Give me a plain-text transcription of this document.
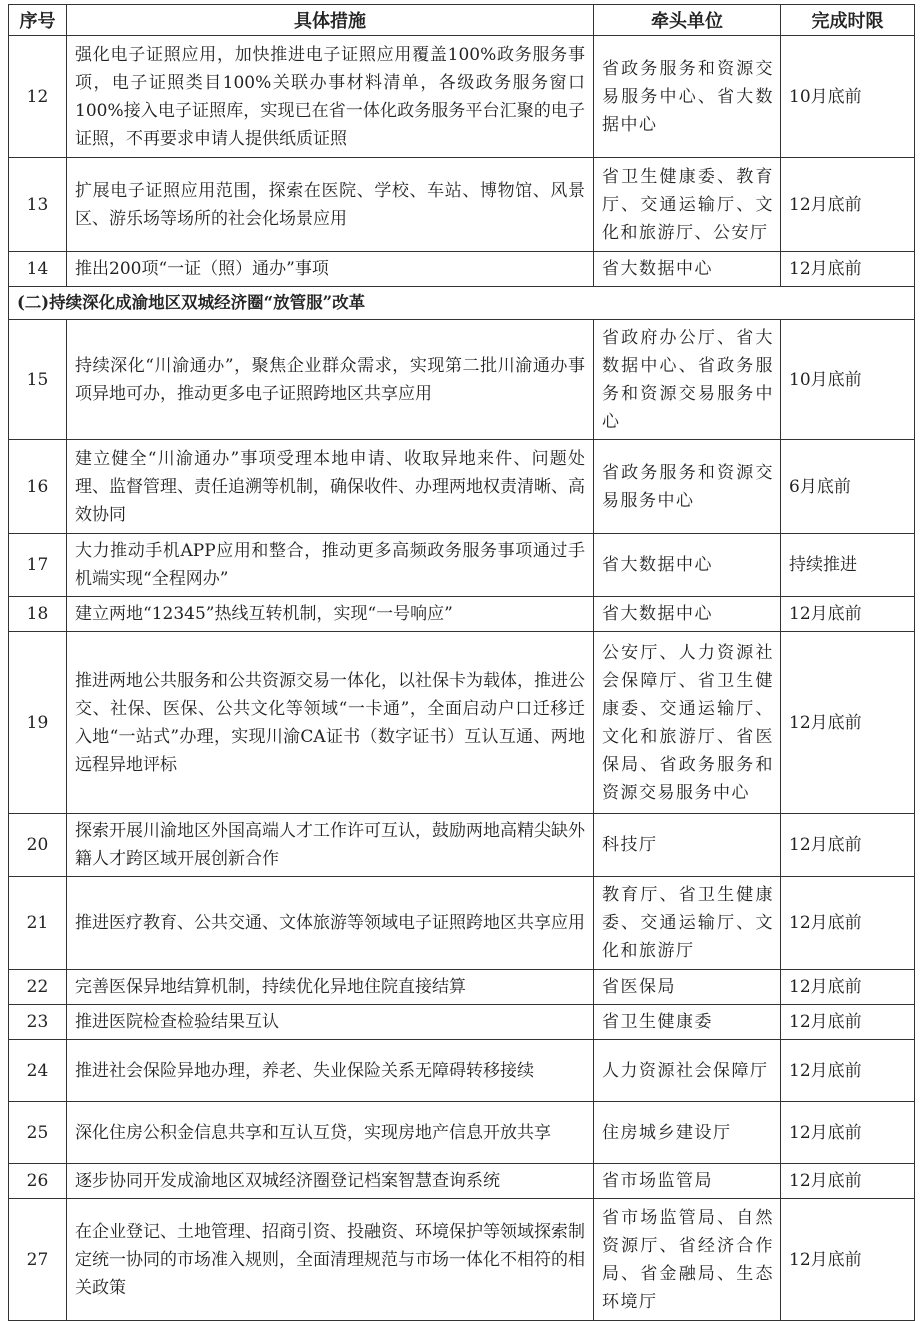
序号	具体措施	牵头单位	完成时限
12	强化电子证照应用，加快推进电子证照应用覆盖100%政务服务事项，电子证照类目100%关联办事材料清单，各级政务服务窗口100%接入电子证照库，实现已在省一体化政务服务平台汇聚的电子证照，不再要求申请人提供纸质证照	省政务服务和资源交易服务中心、省大数据中心	10月底前
13	扩展电子证照应用范围，探索在医院、学校、车站、博物馆、风景区、游乐场等场所的社会化场景应用	省卫生健康委、教育厅、交通运输厅、文化和旅游厅、公安厅	12月底前
14	推出200项“一证（照）通办”事项	省大数据中心	12月底前
(二)持续深化成渝地区双城经济圈“放管服”改革			
15	持续深化“川渝通办”，聚焦企业群众需求，实现第二批川渝通办事项异地可办，推动更多电子证照跨地区共享应用	省政府办公厅、省大数据中心、省政务服务和资源交易服务中心	10月底前
16	建立健全“川渝通办”事项受理本地申请、收取异地来件、问题处理、监督管理、责任追溯等机制，确保收件、办理两地权责清晰、高效协同	省政务服务和资源交易服务中心	6月底前
17	大力推动手机APP应用和整合，推动更多高频政务服务事项通过手机端实现“全程网办”	省大数据中心	持续推进
18	建立两地“12345”热线互转机制，实现“一号响应”	省大数据中心	12月底前
19	推进两地公共服务和公共资源交易一体化，以社保卡为载体，推进公交、社保、医保、公共文化等领域“一卡通”，全面启动户口迁移迁入地“一站式”办理，实现川渝CA证书（数字证书）互认互通、两地远程异地评标	公安厅、人力资源社会保障厅、省卫生健康委、交通运输厅、文化和旅游厅、省医保局、省政务服务和资源交易服务中心	12月底前
20	探索开展川渝地区外国高端人才工作许可互认，鼓励两地高精尖缺外籍人才跨区域开展创新合作	科技厅	12月底前
21	推进医疗教育、公共交通、文体旅游等领域电子证照跨地区共享应用	教育厅、省卫生健康委、交通运输厅、文化和旅游厅	12月底前
22	完善医保异地结算机制，持续优化异地住院直接结算	省医保局	12月底前
23	推进医院检查检验结果互认	省卫生健康委	12月底前
24	推进社会保险异地办理，养老、失业保险关系无障碍转移接续	人力资源社会保障厅	12月底前
25	深化住房公积金信息共享和互认互贷，实现房地产信息开放共享	住房城乡建设厅	12月底前
26	逐步协同开发成渝地区双城经济圈登记档案智慧查询系统	省市场监管局	12月底前
27	在企业登记、土地管理、招商引资、投融资、环境保护等领域探索制定统一协同的市场准入规则，全面清理规范与市场一体化不相符的相关政策	省市场监管局、自然资源厅、省经济合作局、省金融局、生态环境厅	12月底前
